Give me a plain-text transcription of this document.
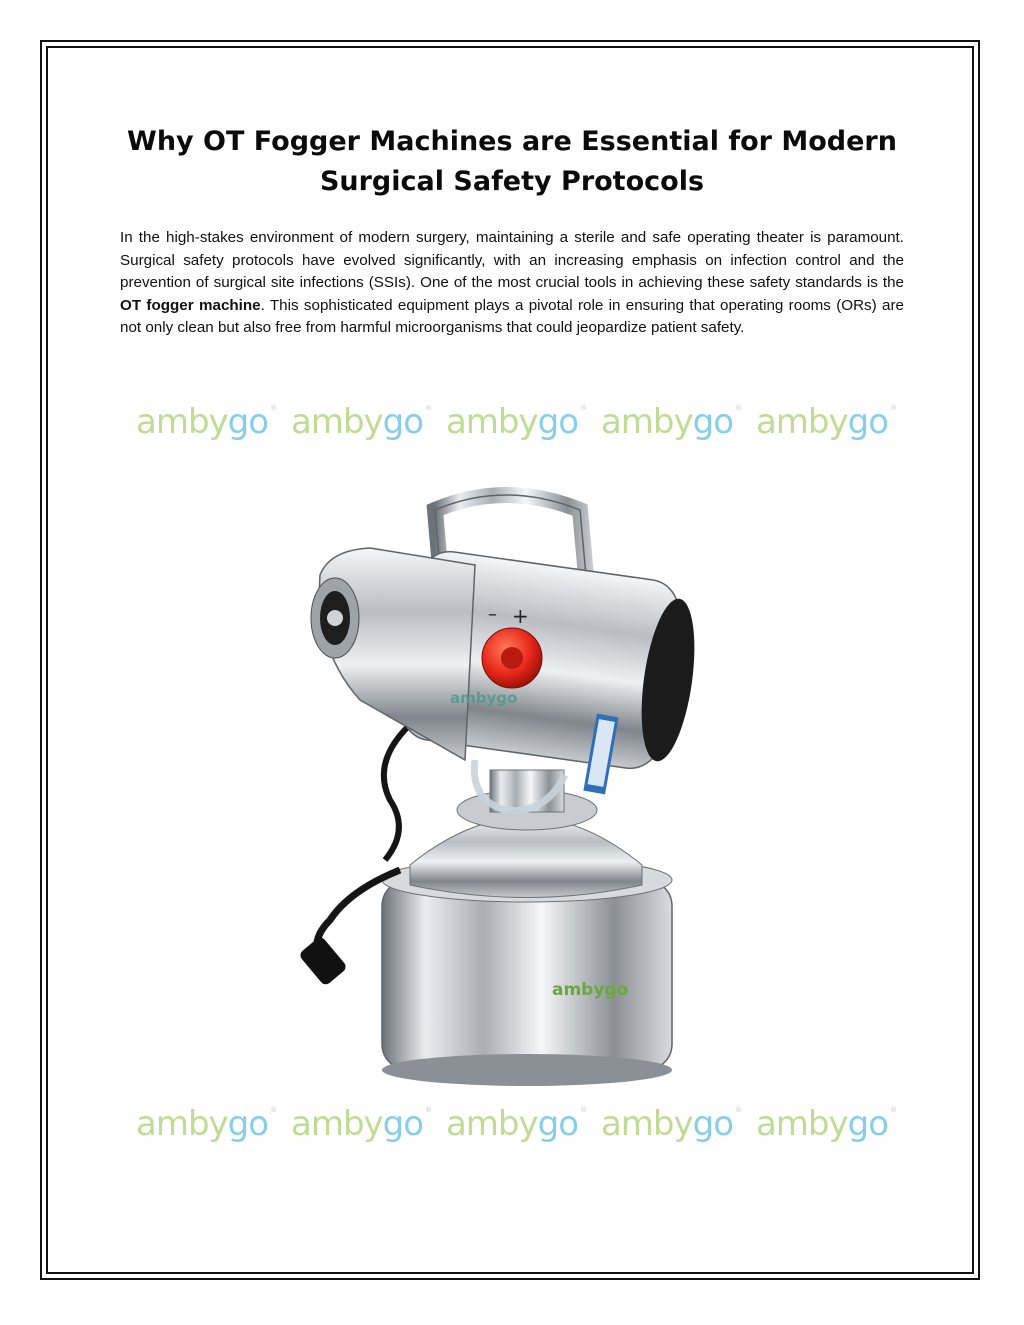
Why OT Fogger Machines are Essential for Modern
Surgical Safety Protocols

In the high-stakes environment of modern surgery, maintaining a sterile and safe operating theater is paramount. Surgical safety protocols have evolved significantly, with an increasing emphasis on infection control and the prevention of surgical site infections (SSIs). One of the most crucial tools in achieving these safety standards is the OT fogger machine. This sophisticated equipment plays a pivotal role in ensuring that operating rooms (ORs) are not only clean but also free from harmful microorganisms that could jeopardize patient safety.

ambygo ® ambygo ® ambygo ® ambygo ® ambygo ®
– +
ambygo
ambygo
ambygo ® ambygo ® ambygo ® ambygo ® ambygo ®
